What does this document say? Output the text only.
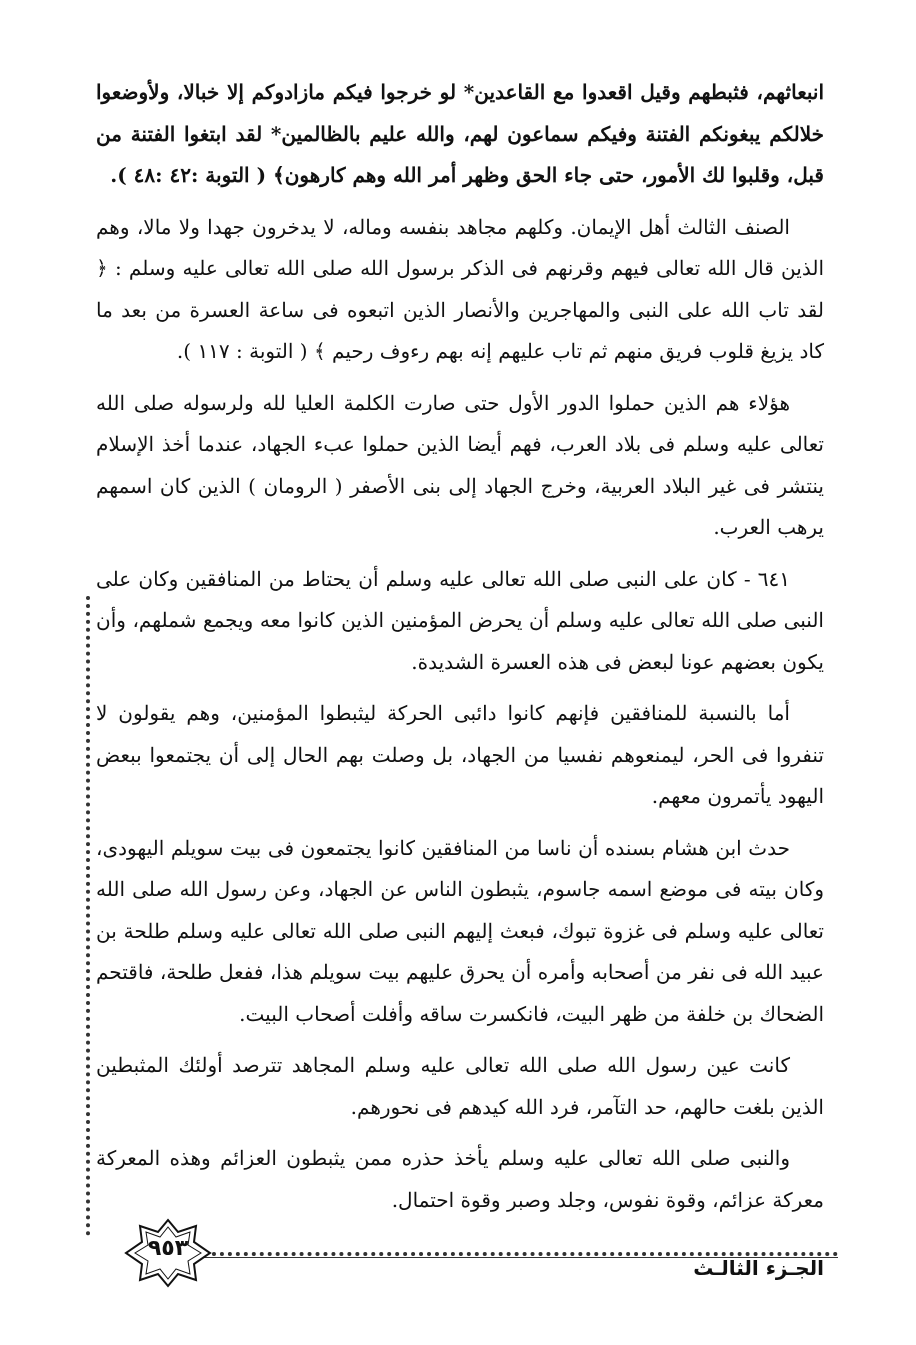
انبعاثهم، فثبطهم وقيل اقعدوا مع القاعدين* لو خرجوا فيكم مازادوكم إلا خبالا، ولأوضعوا خلالكم يبغونكم الفتنة وفيكم سماعون لهم، والله عليم بالظالمين* لقد ابتغوا الفتنة من قبل، وقلبوا لك الأمور، حتى جاء الحق وظهر أمر الله وهم كارهون﴾ ( التوبة :٤٢ :٤٨ ).

الصنف الثالث أهل الإيمان. وكلهم مجاهد بنفسه وماله، لا يدخرون جهدا ولا مالا، وهم الذين قال الله تعالى فيهم وقرنهم فى الذكر برسول الله صلى الله تعالى عليه وسلم : ﴿ لقد تاب الله على النبى والمهاجرين والأنصار الذين اتبعوه فى ساعة العسرة من بعد ما كاد يزيغ قلوب فريق منهم ثم تاب عليهم إنه بهم رءوف رحيم ﴾ ( التوبة : ١١٧ ).

هؤلاء هم الذين حملوا الدور الأول حتى صارت الكلمة العليا لله ولرسوله صلى الله تعالى عليه وسلم فى بلاد العرب، فهم أيضا الذين حملوا عبء الجهاد، عندما أخذ الإسلام ينتشر فى غير البلاد العربية، وخرج الجهاد إلى بنى الأصفر ( الرومان ) الذين كان اسمهم يرهب العرب.

٦٤١ - كان على النبى صلى الله تعالى عليه وسلم أن يحتاط من المنافقين وكان على النبى صلى الله تعالى عليه وسلم أن يحرض المؤمنين الذين كانوا معه ويجمع شملهم، وأن يكون بعضهم عونا لبعض فى هذه العسرة الشديدة.

أما بالنسبة للمنافقين فإنهم كانوا دائبى الحركة ليثبطوا المؤمنين، وهم يقولون لا تنفروا فى الحر، ليمنعوهم نفسيا من الجهاد، بل وصلت بهم الحال إلى أن يجتمعوا ببعض اليهود يأتمرون معهم.

حدث ابن هشام بسنده أن ناسا من المنافقين كانوا يجتمعون فى بيت سويلم اليهودى، وكان بيته فى موضع اسمه جاسوم، يثبطون الناس عن الجهاد، وعن رسول الله صلى الله تعالى عليه وسلم فى غزوة تبوك، فبعث إليهم النبى صلى الله تعالى عليه وسلم طلحة بن عبيد الله فى نفر من أصحابه وأمره أن يحرق عليهم بيت سويلم هذا، ففعل طلحة، فاقتحم الضحاك بن خلفة من ظهر البيت، فانكسرت ساقه وأفلت أصحاب البيت.

كانت عين رسول الله صلى الله تعالى عليه وسلم المجاهد تترصد أولئك المثبطين الذين بلغت حالهم، حد التآمر، فرد الله كيدهم فى نحورهم.

والنبى صلى الله تعالى عليه وسلم يأخذ حذره ممن يثبطون العزائم وهذه المعركة معركة عزائم، وقوة نفوس، وجلد وصبر وقوة احتمال.

الجـزء الثالـث
٩٥٣
